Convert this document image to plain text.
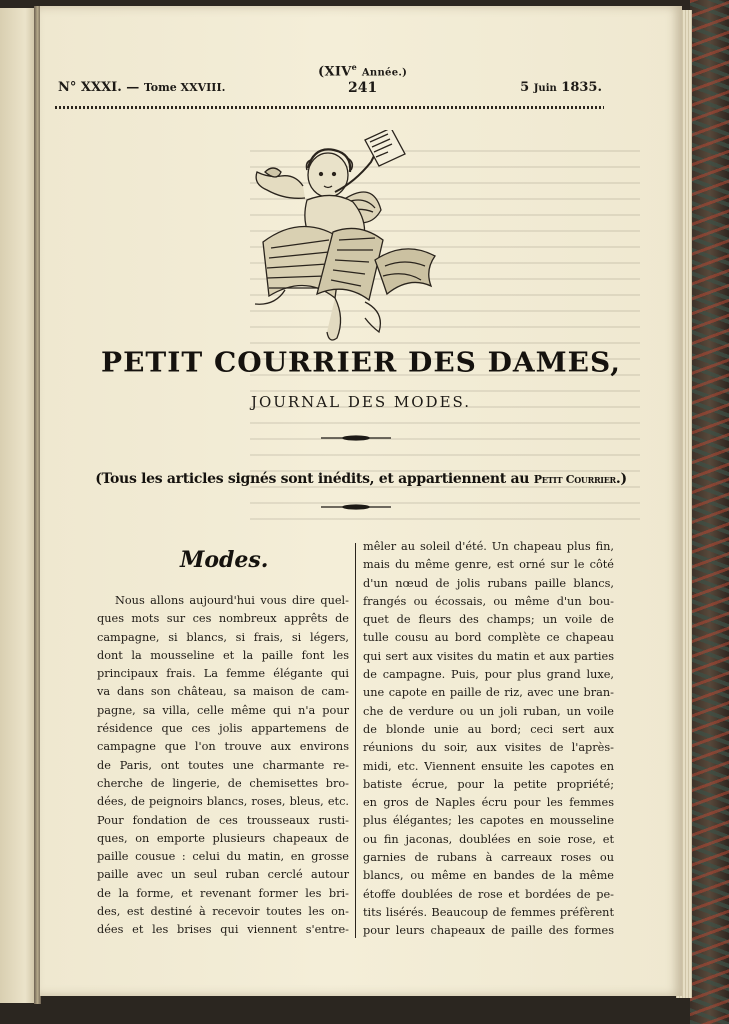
(XIVe Année.)
N° XXXI. — Tome XXVIII.	241	5 Juin 1835.
PETIT COURRIER DES DAMES,
JOURNAL DES MODES.
(Tous les articles signés sont inédits, et appartiennent au Petit Courrier.)
Modes.
Nous allons aujourd'hui vous dire quel-
ques mots sur ces nombreux apprêts de
campagne, si blancs, si frais, si légers,
dont la mousseline et la paille font les
principaux frais. La femme élégante qui
va dans son château, sa maison de cam-
pagne, sa villa, celle même qui n'a pour
résidence que ces jolis appartemens de
campagne que l'on trouve aux environs
de Paris, ont toutes une charmante re-
cherche de lingerie, de chemisettes bro-
dées, de peignoirs blancs, roses, bleus, etc.
Pour fondation de ces trousseaux rusti-
ques, on emporte plusieurs chapeaux de
paille cousue : celui du matin, en grosse
paille avec un seul ruban cerclé autour
de la forme, et revenant former les bri-
des, est destiné à recevoir toutes les on-
dées et les brises qui viennent s'entre-
mêler au soleil d'été. Un chapeau plus fin,
mais du même genre, est orné sur le côté
d'un nœud de jolis rubans paille blancs,
frangés ou écossais, ou même d'un bou-
quet de fleurs des champs; un voile de
tulle cousu au bord complète ce chapeau
qui sert aux visites du matin et aux parties
de campagne. Puis, pour plus grand luxe,
une capote en paille de riz, avec une bran-
che de verdure ou un joli ruban, un voile
de blonde unie au bord; ceci sert aux
réunions du soir, aux visites de l'après-
midi, etc. Viennent ensuite les capotes en
batiste écrue, pour la petite propriété;
en gros de Naples écru pour les femmes
plus élégantes; les capotes en mousseline
ou fin jaconas, doublées en soie rose, et
garnies de rubans à carreaux roses ou
blancs, ou même en bandes de la même
étoffe doublées de rose et bordées de pe-
tits lisérés. Beaucoup de femmes préfèrent
pour leurs chapeaux de paille des formes
